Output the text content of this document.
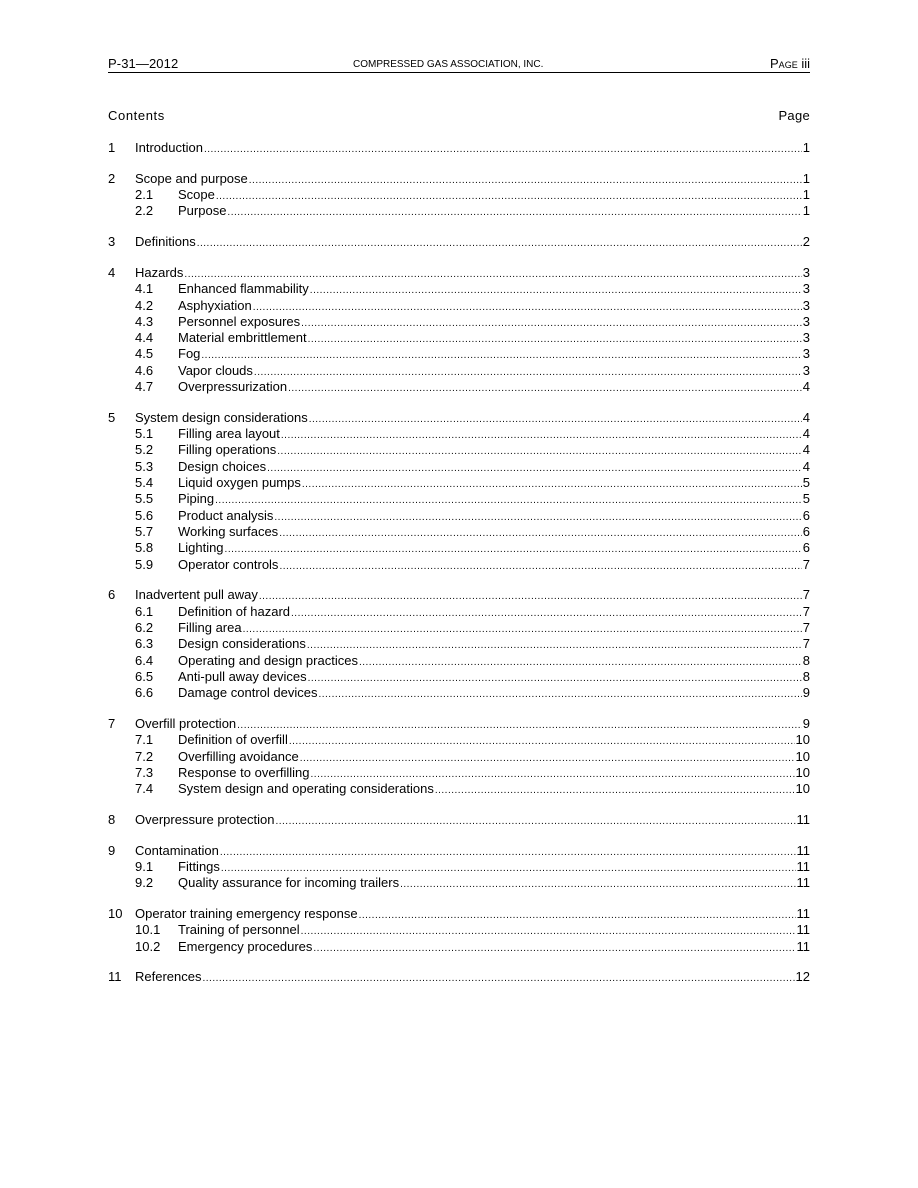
P-31—2012	COMPRESSED GAS ASSOCIATION, INC.	Page iii
Contents	Page
1	Introduction .....	1
2	Scope and purpose .....	1
2.1	Scope .....	1
2.2	Purpose .....	1
3	Definitions .....	2
4	Hazards .....	3
4.1	Enhanced flammability .....	3
4.2	Asphyxiation .....	3
4.3	Personnel exposures .....	3
4.4	Material embrittlement .....	3
4.5	Fog .....	3
4.6	Vapor clouds .....	3
4.7	Overpressurization .....	4
5	System design considerations .....	4
5.1	Filling area layout .....	4
5.2	Filling operations .....	4
5.3	Design choices .....	4
5.4	Liquid oxygen pumps .....	5
5.5	Piping .....	5
5.6	Product analysis .....	6
5.7	Working surfaces .....	6
5.8	Lighting .....	6
5.9	Operator controls .....	7
6	Inadvertent pull away .....	7
6.1	Definition of hazard .....	7
6.2	Filling area .....	7
6.3	Design considerations .....	7
6.4	Operating and design practices .....	8
6.5	Anti-pull away devices .....	8
6.6	Damage control devices .....	9
7	Overfill protection .....	9
7.1	Definition of overfill .....	10
7.2	Overfilling avoidance .....	10
7.3	Response to overfilling .....	10
7.4	System design and operating considerations .....	10
8	Overpressure protection .....	11
9	Contamination .....	11
9.1	Fittings .....	11
9.2	Quality assurance for incoming trailers .....	11
10 Operator training emergency response .....	11
10.1	Training of personnel .....	11
10.2	Emergency procedures .....	11
11	References .....	12
